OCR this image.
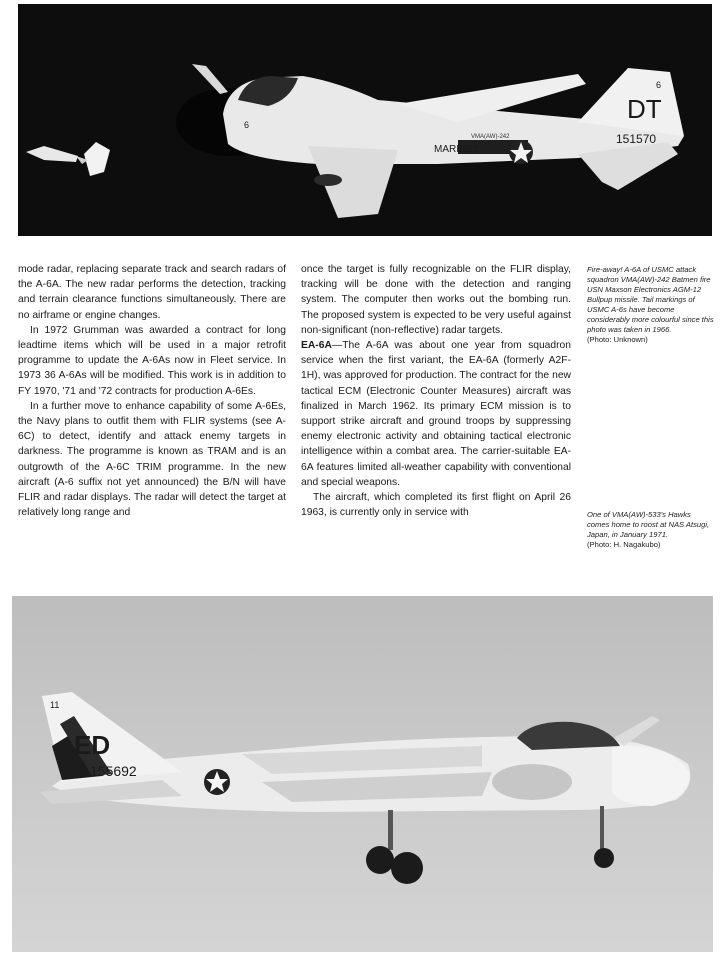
DT
151570
6
6
VMA(AW)-242
MARINES

mode radar, replacing separate track and search radars of the A-6A. The new radar performs the detection, tracking and terrain clearance functions simultaneously. There are no airframe or engine changes.

In 1972 Grumman was awarded a contract for long leadtime items which will be used in a major retrofit programme to update the A-6As now in Fleet service. In 1973 36 A-6As will be modified. This work is in addition to FY 1970, '71 and '72 contracts for production A-6Es.

In a further move to enhance capability of some A-6Es, the Navy plans to outfit them with FLIR systems (see A-6C) to detect, identify and attack enemy targets in darkness. The programme is known as TRAM and is an outgrowth of the A-6C TRIM programme. In the new aircraft (A-6 suffix not yet announced) the B/N will have FLIR and radar displays. The radar will detect the target at relatively long range and

once the target is fully recognizable on the FLIR display, tracking will be done with the detection and ranging system. The computer then works out the bombing run. The proposed system is expected to be very useful against non-significant (non-reflective) radar targets.

EA-6A—The A-6A was about one year from squadron service when the first variant, the EA-6A (formerly A2F-1H), was approved for production. The contract for the new tactical ECM (Electronic Counter Measures) aircraft was finalized in March 1962. Its primary ECM mission is to support strike aircraft and ground troops by suppressing enemy electronic activity and obtaining tactical electronic intelligence within a combat area. The carrier-suitable EA-6A features limited all-weather capability with conventional and special weapons.

The aircraft, which completed its first flight on April 26 1963, is currently only in service with

Fire-away! A-6A of USMC attack squadron VMA(AW)-242 Batmen fire USN Maxson Electronics AGM-12 Bullpup missile. Tail markings of USMC A-6s have become considerably more colourful since this photo was taken in 1966.
(Photo: Unknown)
One of VMA(AW)-533's Hawks comes home to roost at NAS Atsugi, Japan, in January 1971.
(Photo: H. Nagakubo)
ED
155692
11
